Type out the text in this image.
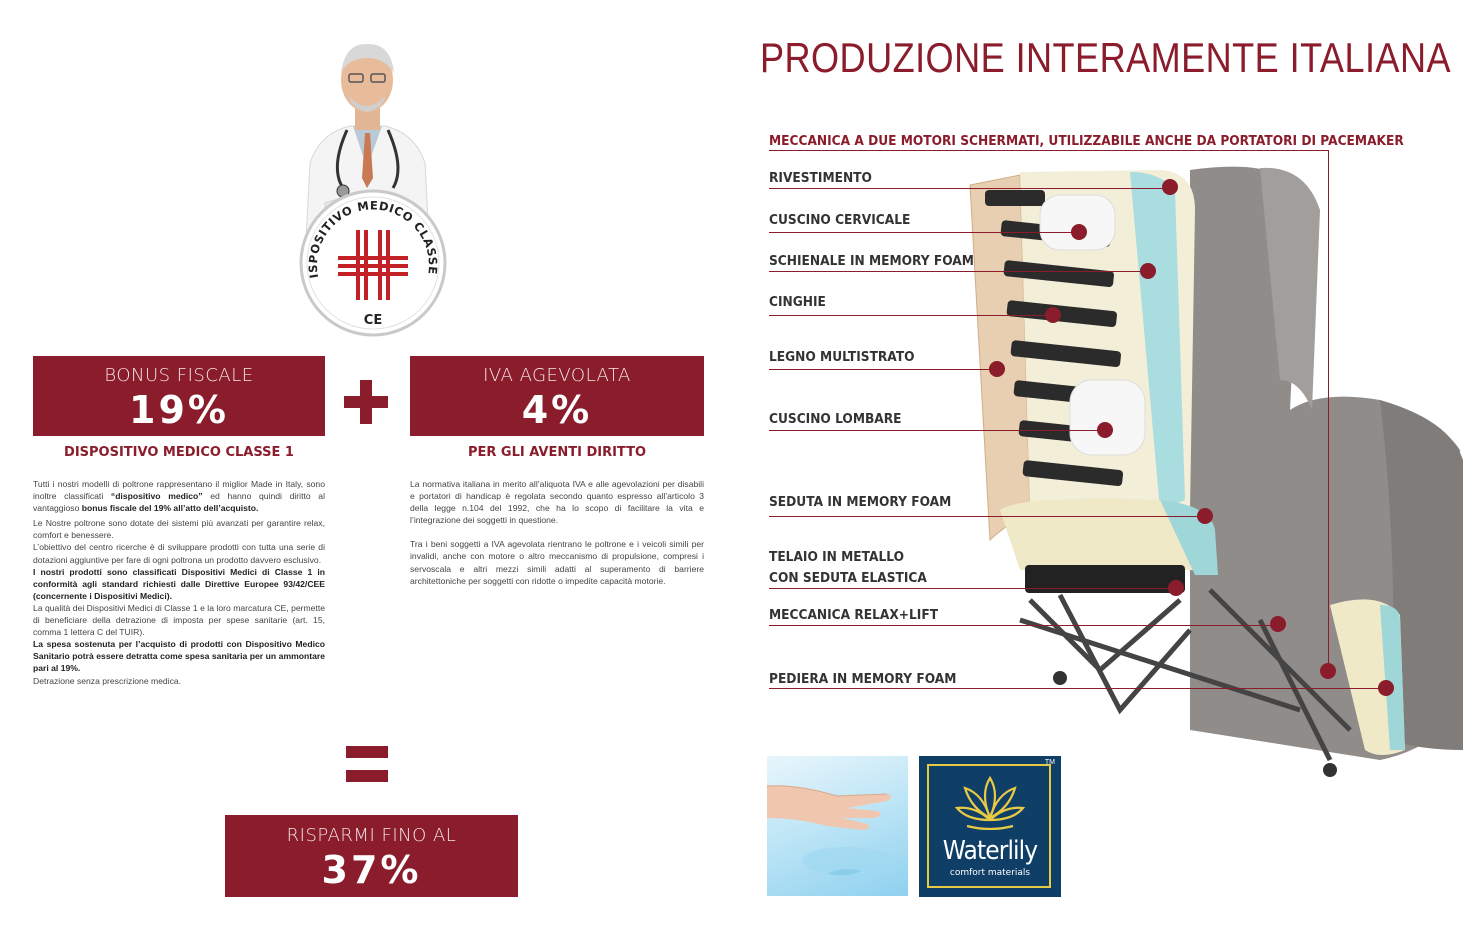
ISPOSITIVO MEDICO CLASSE
CE
BONUS FISCALE
19%
IVA AGEVOLATA
4%
DISPOSITIVO MEDICO CLASSE 1	PER GLI AVENTI DIRITTO

Tutti i nostri modelli di poltrone rappresentano il miglior Made in Italy, sono inoltre classificati “dispositivo medico” ed hanno quindi diritto al vantaggioso bonus fiscale del 19% all’atto dell’acquisto.

Le Nostre poltrone sono dotate dei sistemi più avanzati per garantire relax, comfort e benessere.

L’obiettivo del centro ricerche è di sviluppare prodotti con tutta una serie di dotazioni aggiuntive per fare di ogni poltrona un prodotto davvero esclusivo.

I nostri prodotti sono classificati Dispositivi Medici di Classe 1 in conformità agli standard richiesti dalle Direttive Europee 93/42/CEE (concernente i Dispositivi Medici).

La qualità dei Dispositivi Medici di Classe 1 e la loro marcatura CE, permette di beneficiare della detrazione di imposta per spese sanitarie (art. 15, comma 1 lettera C del TUIR).

La spesa sostenuta per l’acquisto di prodotti con Dispositivo Medico Sanitario potrà essere detratta come spesa sanitaria per un ammontare pari al 19%.

Detrazione senza prescrizione medica.

La normativa italiana in merito all’aliquota IVA e alle agevolazioni per disabili e portatori di handicap è regolata secondo quanto espresso all’articolo 3 della legge n.104 del 1992, che ha lo scopo di facilitare la vita e l’integrazione dei soggetti in questione.

Tra i beni soggetti a IVA agevolata rientrano le poltrone e i veicoli simili per invalidi, anche con motore o altro meccanismo di propulsione, compresi i servoscala e altri mezzi simili adatti al superamento di barriere architettoniche per soggetti con ridotte o impedite capacità motorie.

RISPARMI FINO AL
37%
PRODUZIONE INTERAMENTE ITALIANA
MECCANICA A DUE MOTORI SCHERMATI, UTILIZZABILE ANCHE DA PORTATORI DI PACEMAKER
RIVESTIMENTO
CUSCINO CERVICALE
SCHIENALE IN MEMORY FOAM
CINGHIE
LEGNO MULTISTRATO
CUSCINO LOMBARE
SEDUTA IN MEMORY FOAM
TELAIO IN METALLO
CON SEDUTA ELASTICA
MECCANICA RELAX+LIFT
PEDIERA IN MEMORY FOAM
TM
Waterlily
comfort materials
